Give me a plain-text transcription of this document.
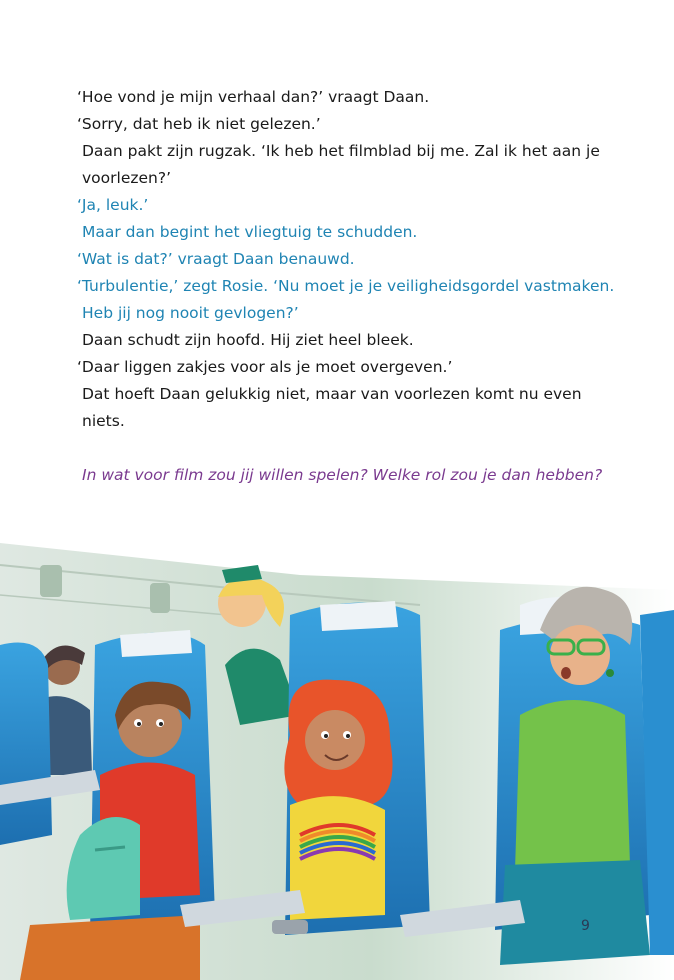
‘Hoe vond je mijn verhaal dan?’ vraagt Daan.
‘Sorry, dat heb ik niet gelezen.’
Daan pakt zijn rugzak. ‘Ik heb het filmblad bij me. Zal ik het aan je
voorlezen?’
‘Ja, leuk.’
Maar dan begint het vliegtuig te schudden.
‘Wat is dat?’ vraagt Daan benauwd.
‘Turbulentie,’ zegt Rosie. ‘Nu moet je je veiligheidsgordel vastmaken.
Heb jij nog nooit gevlogen?’
Daan schudt zijn hoofd. Hij ziet heel bleek.
‘Daar liggen zakjes voor als je moet overgeven.’
Dat hoeft Daan gelukkig niet, maar van voorlezen komt nu even
niets.
In wat voor film zou jij willen spelen? Welke rol zou je dan hebben?
9
